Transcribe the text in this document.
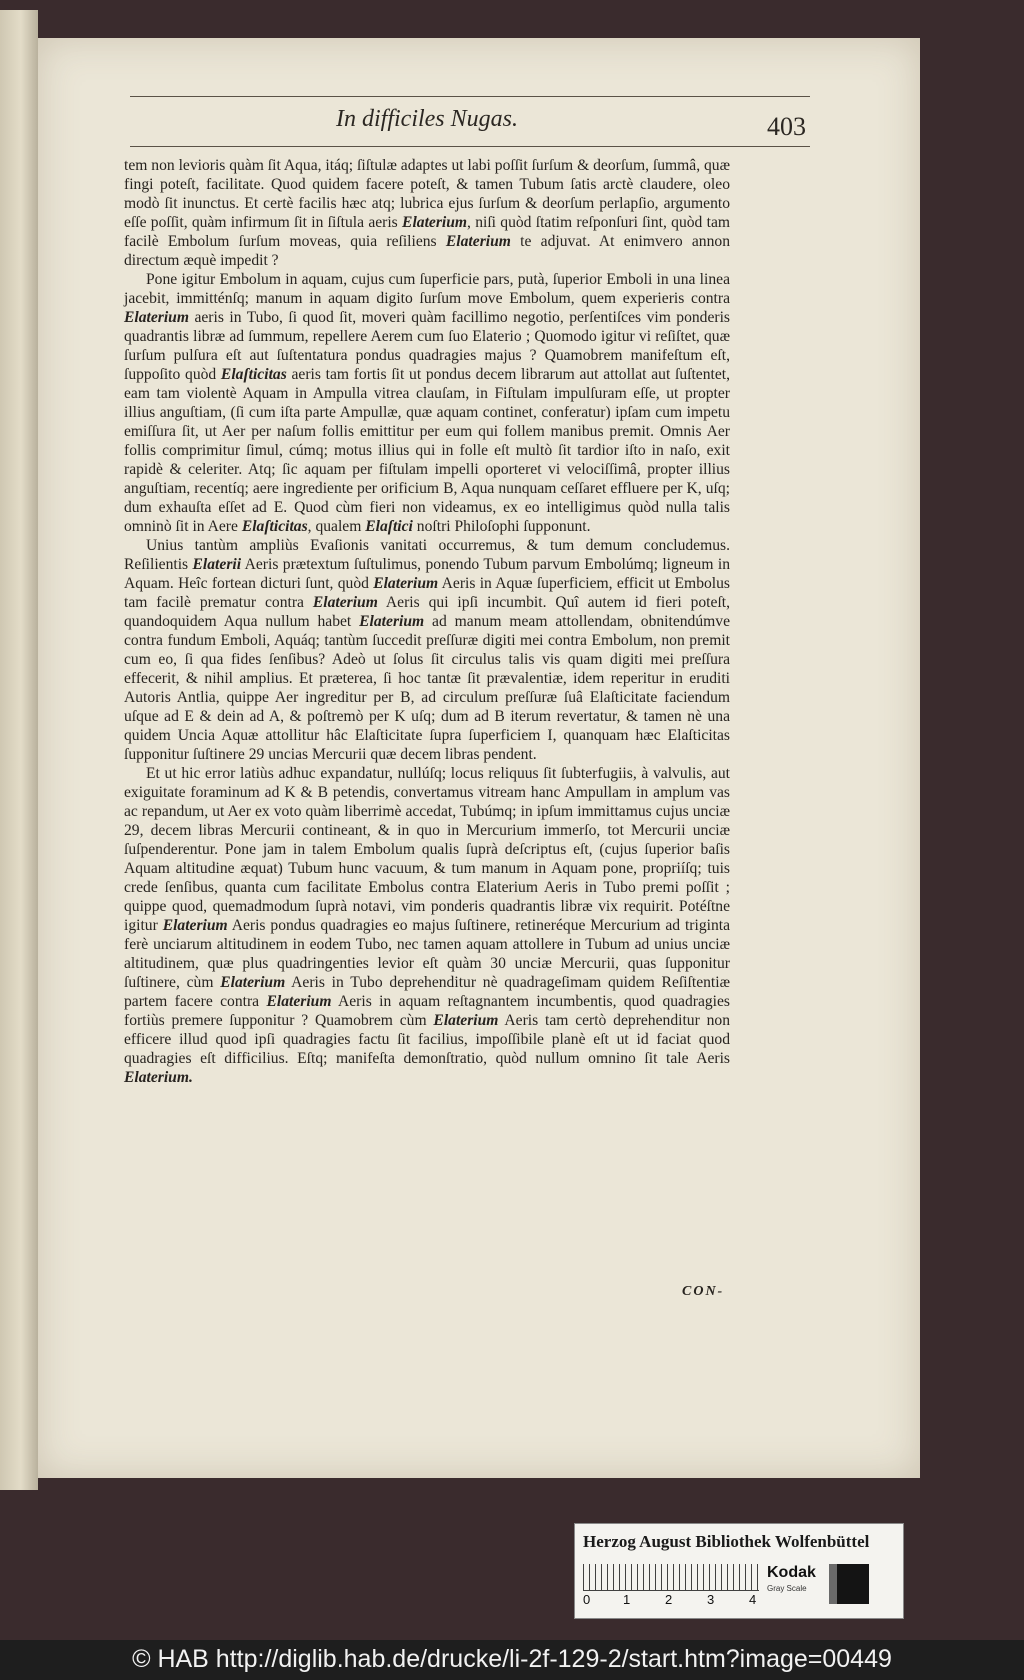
In difficiles Nugas.	403

tem non levioris quàm ſit Aqua, itáq; ſiſtulæ adaptes ut labi poſſit ſurſum & deorſum, ſummâ, quæ fingi poteſt, facilitate. Quod quidem facere poteſt, & tamen Tubum ſatis arctè claudere, oleo modò ſit inunctus. Et certè facilis hæc atq; lubrica ejus ſurſum & deorſum perlapſio, argumento eſſe poſſit, quàm infirmum ſit in ſiſtula aeris Elaterium, niſi quòd ſtatim reſponſuri ſint, quòd tam facilè Embolum ſurſum moveas, quia reſiliens Elaterium te adjuvat. At enimvero annon directum æquè impedit ?

Pone igitur Embolum in aquam, cujus cum ſuperficie pars, putà, ſuperior Emboli in una linea jacebit, immitténſq; manum in aquam digito ſurſum move Embolum, quem experieris contra Elaterium aeris in Tubo, ſi quod ſit, moveri quàm facillimo negotio, perſentiſces vim ponderis quadrantis libræ ad ſummum, repellere Aerem cum ſuo Elaterio ; Quomodo igitur vi reſiſtet, quæ ſurſum pulſura eſt aut ſuſtentatura pondus quadragies majus ? Quamobrem manifeſtum eſt, ſuppoſito quòd Elaſticitas aeris tam fortis ſit ut pondus decem librarum aut attollat aut ſuſtentet, eam tam violentè Aquam in Ampulla vitrea clauſam, in Fiſtulam impulſuram eſſe, ut propter illius anguſtiam, (ſi cum iſta parte Ampullæ, quæ aquam continet, conferatur) ipſam cum impetu emiſſura ſit, ut Aer per naſum follis emittitur per eum qui follem manibus premit. Omnis Aer follis comprimitur ſimul, cúmq; motus illius qui in folle eſt multò ſit tardior iſto in naſo, exit rapidè & celeriter. Atq; ſic aquam per fiſtulam impelli oporteret vi velociſſimâ, propter illius anguſtiam, recentíq; aere ingrediente per orificium B, Aqua nunquam ceſſaret effluere per K, uſq; dum exhauſta eſſet ad E. Quod cùm fieri non videamus, ex eo intelligimus quòd nulla talis omninò ſit in Aere Elaſticitas, qualem Elaſtici noſtri Philoſophi ſupponunt.

Unius tantùm ampliùs Evaſionis vanitati occurremus, & tum demum concludemus. Reſilientis Elaterii Aeris prætextum ſuſtulimus, ponendo Tubum parvum Embolúmq; ligneum in Aquam. Heîc fortean dicturi ſunt, quòd Elaterium Aeris in Aquæ ſuperficiem, efficit ut Embolus tam facilè prematur contra Elaterium Aeris qui ipſi incumbit. Quî autem id fieri poteſt, quandoquidem Aqua nullum habet Elaterium ad manum meam attollendam, obnitendúmve contra fundum Emboli, Aquáq; tantùm ſuccedit preſſuræ digiti mei contra Embolum, non premit cum eo, ſi qua fides ſenſibus? Adeò ut ſolus ſit circulus talis vis quam digiti mei preſſura effecerit, & nihil amplius. Et præterea, ſi hoc tantæ ſit prævalentiæ, idem reperitur in eruditi Autoris Antlia, quippe Aer ingreditur per B, ad circulum preſſuræ ſuâ Elaſticitate faciendum uſque ad E & dein ad A, & poſtremò per K uſq; dum ad B iterum revertatur, & tamen nè una quidem Uncia Aquæ attollitur hâc Elaſticitate ſupra ſuperficiem I, quanquam hæc Elaſticitas ſupponitur ſuſtinere 29 uncias Mercurii quæ decem libras pendent.

Et ut hic error latiùs adhuc expandatur, nullúſq; locus reliquus ſit ſubterfugiis, à valvulis, aut exiguitate foraminum ad K & B petendis, convertamus vitream hanc Ampullam in amplum vas ac repandum, ut Aer ex voto quàm liberrimè accedat, Tubúmq; in ipſum immittamus cujus unciæ 29, decem libras Mercurii contineant, & in quo in Mercurium immerſo, tot Mercurii unciæ ſuſpenderentur. Pone jam in talem Embolum qualis ſuprà deſcriptus eſt, (cujus ſuperior baſis Aquam altitudine æquat) Tubum hunc vacuum, & tum manum in Aquam pone, propriíſq; tuis crede ſenſibus, quanta cum facilitate Embolus contra Elaterium Aeris in Tubo premi poſſit ; quippe quod, quemadmodum ſuprà notavi, vim ponderis quadrantis libræ vix requirit. Potéſtne igitur Elaterium Aeris pondus quadragies eo majus ſuſtinere, retineréque Mercurium ad triginta ferè unciarum altitudinem in eodem Tubo, nec tamen aquam attollere in Tubum ad unius unciæ altitudinem, quæ plus quadringenties levior eſt quàm 30 unciæ Mercurii, quas ſupponitur ſuſtinere, cùm Elaterium Aeris in Tubo deprehenditur nè quadrageſimam quidem Reſiſtentiæ partem facere contra Elaterium Aeris in aquam reſtagnantem incumbentis, quod quadragies fortiùs premere ſupponitur ? Quamobrem cùm Elaterium Aeris tam certò deprehenditur non efficere illud quod ipſi quadragies factu ſit facilius, impoſſibile planè eſt ut id faciat quod quadragies eſt difficilius. Eſtq; manifeſta demonſtratio, quòd nullum omnino ſit tale Aeris Elaterium.

CON-
Herzog August Bibliothek Wolfenbüttel
0	1	2	3	4
Kodak
Gray Scale
© HAB http://diglib.hab.de/drucke/li-2f-129-2/start.htm?image=00449
